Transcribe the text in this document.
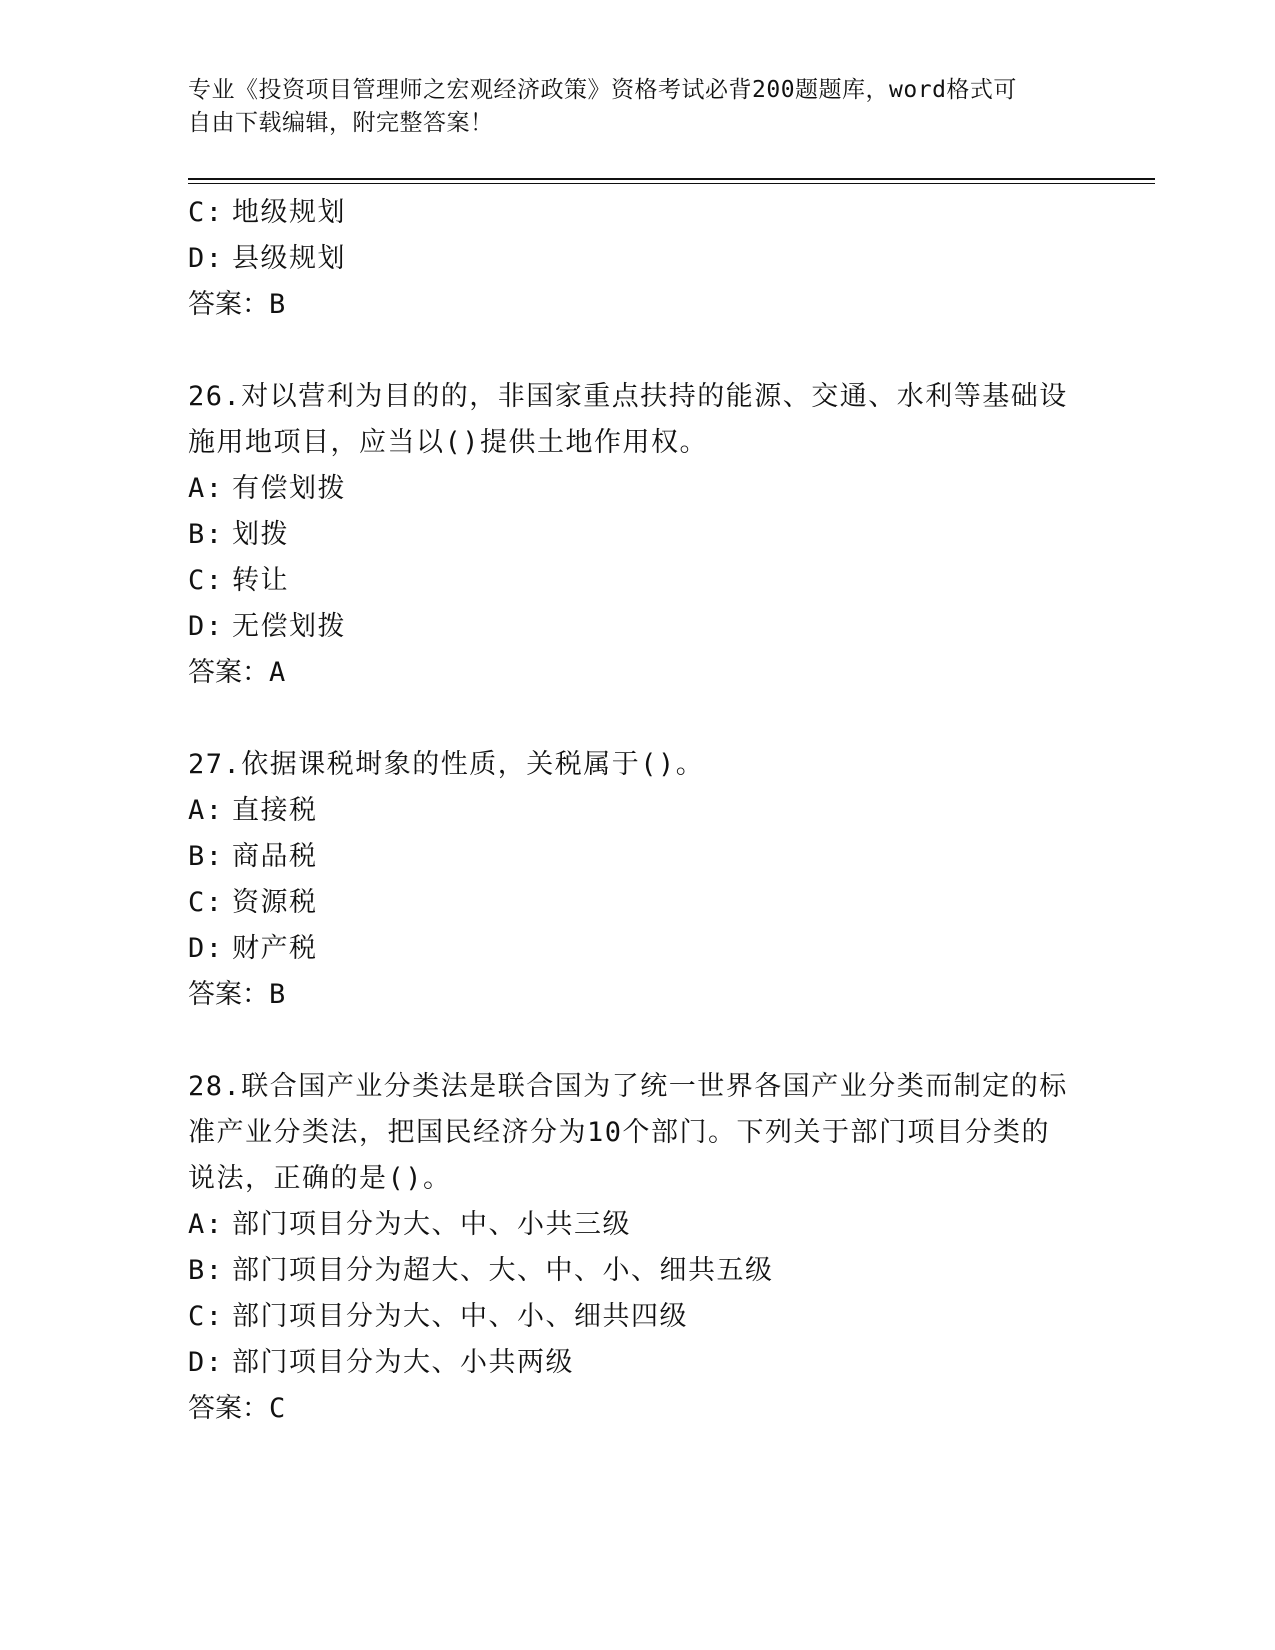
专业《投资项目管理师之宏观经济政策》资格考试必背200题题库，word格式可
自由下载编辑，附完整答案！
C: 地级规划
D: 县级规划
答案：B
26.对以营利为目的的，非国家重点扶持的能源、交通、水利等基础设
施用地项目，应当以()提供土地作用权。
A: 有偿划拨
B: 划拨
C: 转让
D: 无偿划拨
答案：A
27.依据课税埘象的性质，关税属于()。
A: 直接税
B: 商品税
C: 资源税
D: 财产税
答案：B
28.联合国产业分类法是联合国为了统一世界各国产业分类而制定的标
准产业分类法，把国民经济分为10个部门。下列关于部门项目分类的
说法，正确的是()。
A: 部门项目分为大、中、小共三级
B: 部门项目分为超大、大、中、小、细共五级
C: 部门项目分为大、中、小、细共四级
D: 部门项目分为大、小共两级
答案：C
